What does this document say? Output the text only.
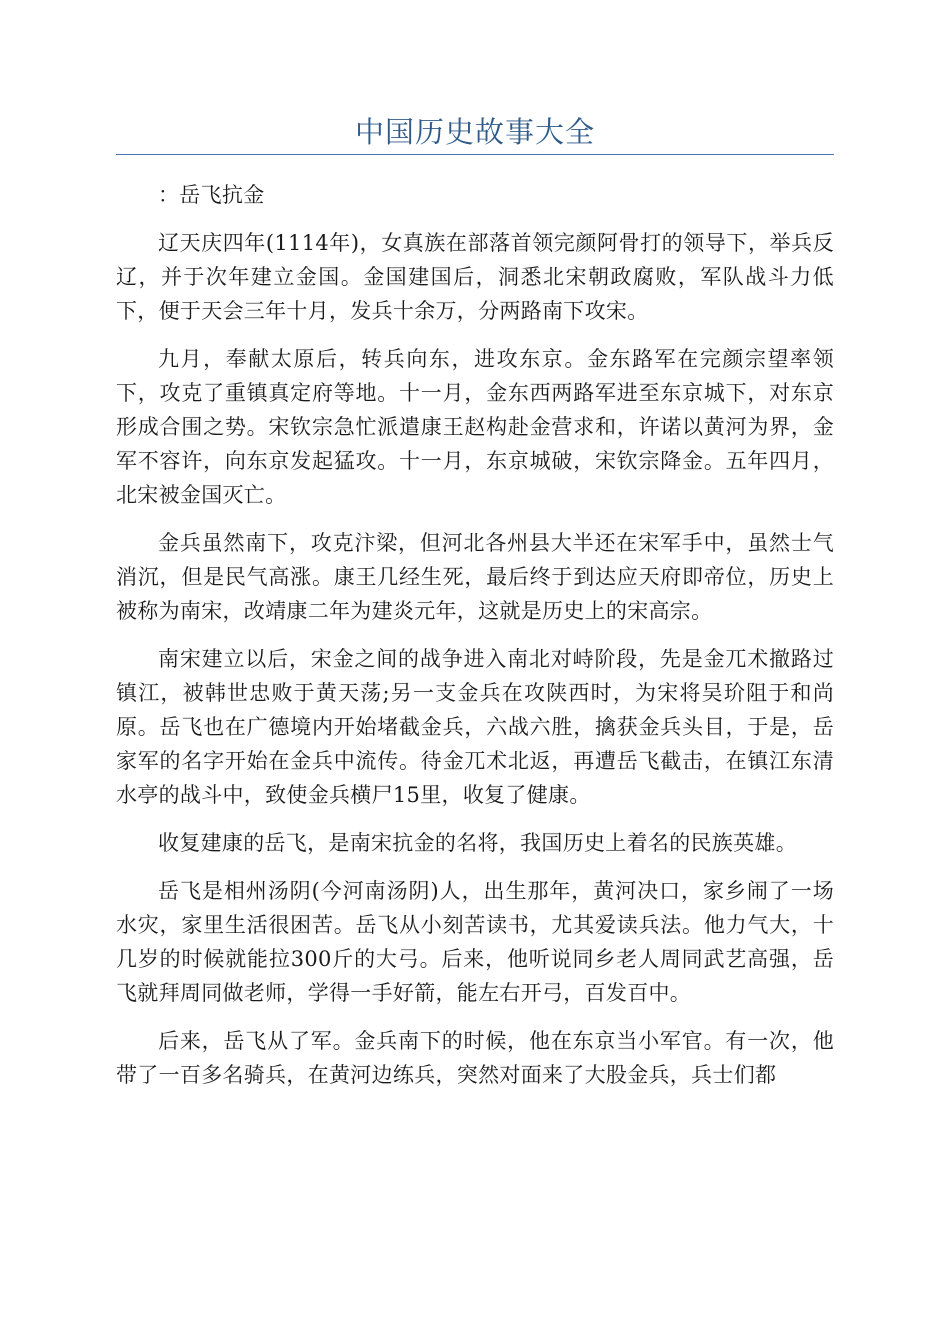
中国历史故事大全

：岳飞抗金

辽天庆四年(1114年)，女真族在部落首领完颜阿骨打的领导下，举兵反辽，并于次年建立金国。金国建国后，洞悉北宋朝政腐败，军队战斗力低下，便于天会三年十月，发兵十余万，分两路南下攻宋。

九月，奉献太原后，转兵向东，进攻东京。金东路军在完颜宗望率领下，攻克了重镇真定府等地。十一月，金东西两路军进至东京城下，对东京形成合围之势。宋钦宗急忙派遣康王赵构赴金营求和，许诺以黄河为界，金军不容许，向东京发起猛攻。十一月，东京城破，宋钦宗降金。五年四月，北宋被金国灭亡。

金兵虽然南下，攻克汴梁，但河北各州县大半还在宋军手中，虽然士气消沉，但是民气高涨。康王几经生死，最后终于到达应天府即帝位，历史上被称为南宋，改靖康二年为建炎元年，这就是历史上的宋高宗。

南宋建立以后，宋金之间的战争进入南北对峙阶段，先是金兀术撤路过镇江，被韩世忠败于黄天荡;另一支金兵在攻陕西时，为宋将吴玠阻于和尚原。岳飞也在广德境内开始堵截金兵，六战六胜，擒获金兵头目，于是，岳家军的名字开始在金兵中流传。待金兀术北返，再遭岳飞截击，在镇江东清水亭的战斗中，致使金兵横尸15里，收复了健康。

收复建康的岳飞，是南宋抗金的名将，我国历史上着名的民族英雄。

岳飞是相州汤阴(今河南汤阴)人，出生那年，黄河决口，家乡闹了一场水灾，家里生活很困苦。岳飞从小刻苦读书，尤其爱读兵法。他力气大，十几岁的时候就能拉300斤的大弓。后来，他听说同乡老人周同武艺高强，岳飞就拜周同做老师，学得一手好箭，能左右开弓，百发百中。

后来，岳飞从了军。金兵南下的时候，他在东京当小军官。有一次，他带了一百多名骑兵，在黄河边练兵，突然对面来了大股金兵，兵士们都
